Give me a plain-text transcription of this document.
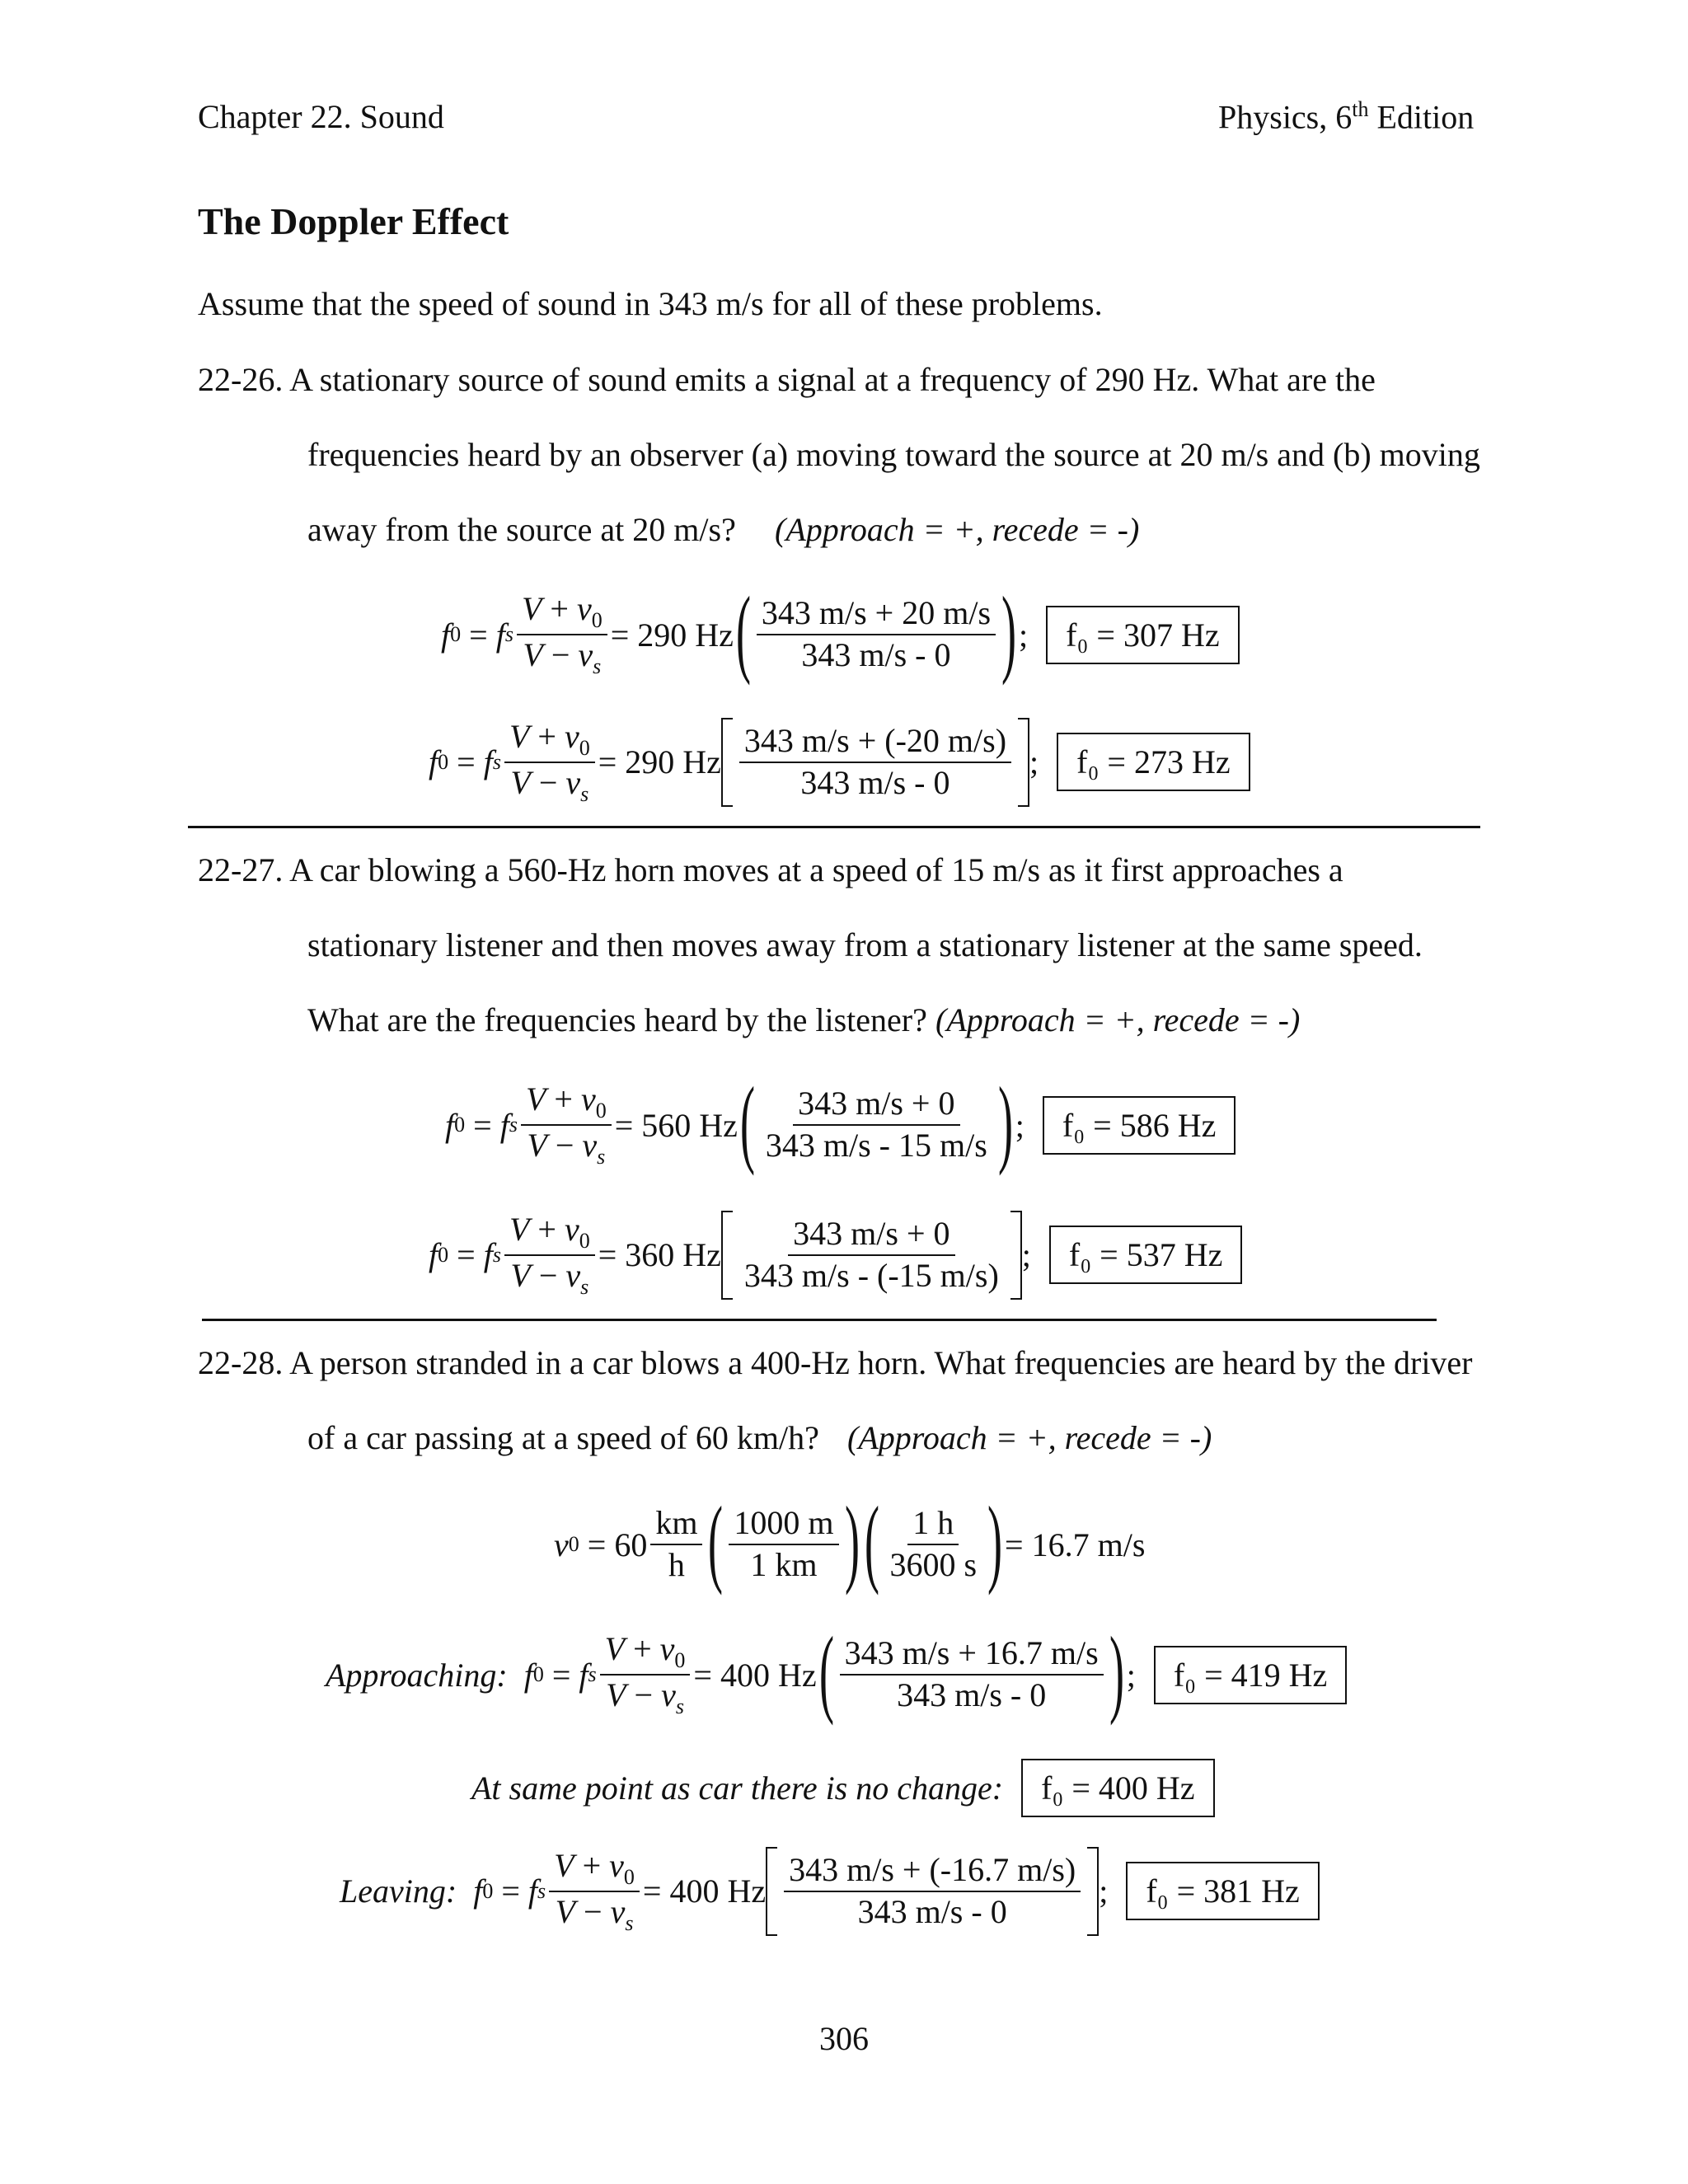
Chapter 22. Sound	Physics, 6th Edition
The Doppler Effect
Assume that the speed of sound in 343 m/s for all of these problems.
22-26. A stationary source of sound emits a signal at a frequency of 290 Hz. What are the
frequencies heard by an observer (a) moving toward the source at 20 m/s and (b) moving
away from the source at 20 m/s? (Approach = +, recede = -)
f 0 = f s $\frac{V + v_0}{V - v_s} = 290$ Hz ( $\frac{343 m/s + 20 m/s}{343 m/s - 0}$ ) ;	f₀ = 307 Hz
f 0 = f s $\frac{V + v_0}{V - v_s} = 290$ Hz $\frac{343 m/s + (-20 m/s)}{343 m/s - 0}$ ;	f₀ = 273 Hz
22-27. A car blowing a 560-Hz horn moves at a speed of 15 m/s as it first approaches a
stationary listener and then moves away from a stationary listener at the same speed.
What are the frequencies heard by the listener? (Approach = +, recede = -)
f 0 = f s $\frac{V + v_0}{V - v_s} = 560$ Hz ( $\frac{343 m/s + 0}{343 m/s - 15 m/s}$ ) ;	f₀ = 586 Hz
f 0 = f s $\frac{V + v_0}{V - v_s} = 360$ Hz $\frac{343 m/s + 0}{343 m/s - (-15 m/s)}$ ;	f₀ = 537 Hz
22-28. A person stranded in a car blows a 400-Hz horn. What frequencies are heard by the driver
of a car passing at a speed of 60 km/h? (Approach = +, recede = -)
v 0
= $60 \frac{km}{h}$ ( $\frac{1000 m}{1 km}$ ) ( $\frac{1 h}{3600 s}$ ) = 16.7 m/s
Approaching: f 0 = f s $\frac{V + v_0}{V - v_s} = 400$ Hz ( $\frac{343 m/s + 16.7 m/s}{343 m/s - 0}$ ) ;	f₀ = 419 Hz
At same point as car there is no change:	f₀ = 400 Hz
Leaving: f 0 = f s $\frac{V + v_0}{V - v_s} = 400$ Hz $\frac{343 m/s + (-16.7 m/s)}{343 m/s - 0}$ ;	f₀ = 381 Hz
306
